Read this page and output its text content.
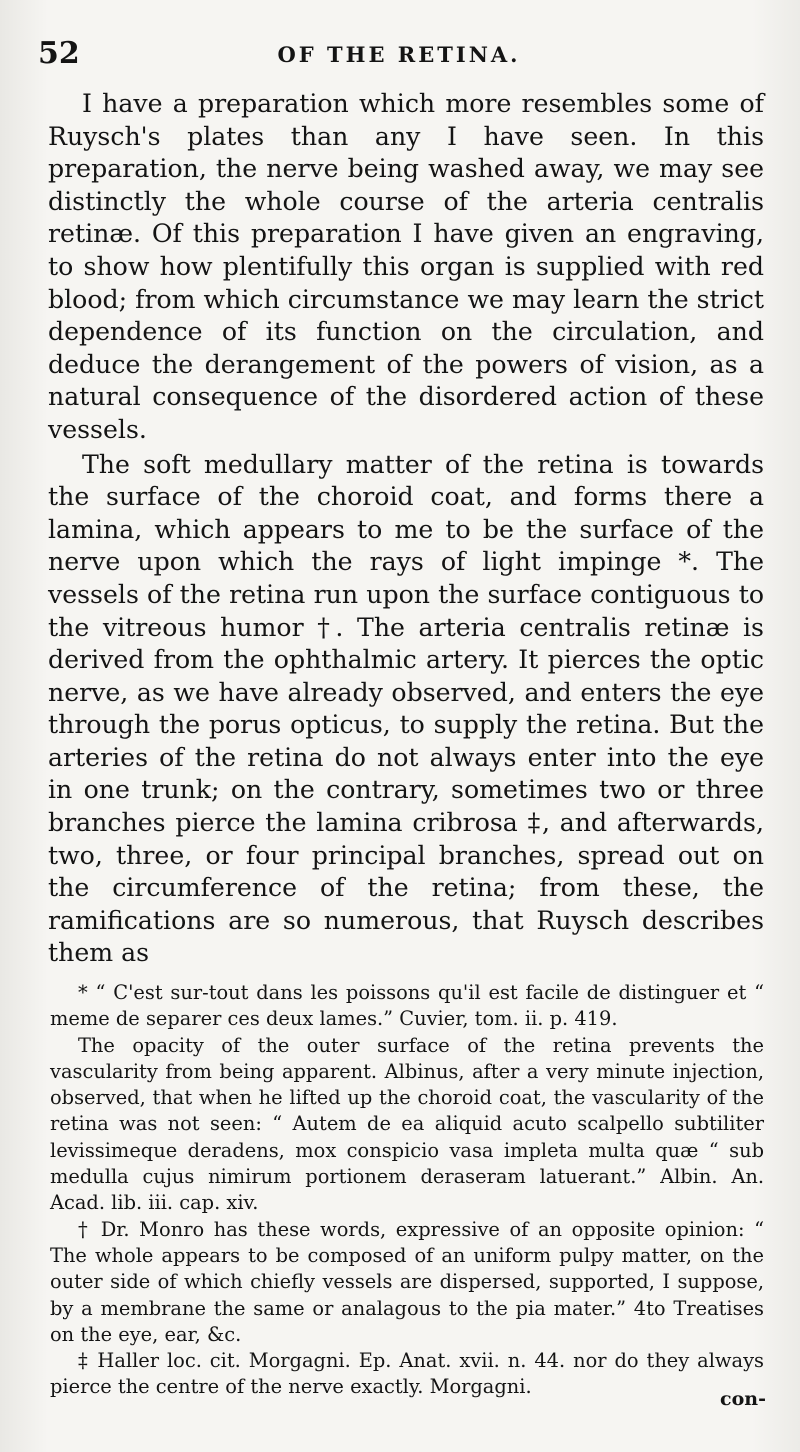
52	OF THE RETINA.

I have a preparation which more resembles some of Ruysch's plates than any I have seen. In this preparation, the nerve being washed away, we may see distinctly the whole course of the arteria centralis retinæ. Of this preparation I have given an engraving, to show how plentifully this organ is supplied with red blood; from which circumstance we may learn the strict dependence of its function on the circulation, and deduce the derangement of the powers of vision, as a natural consequence of the disordered action of these vessels.

The soft medullary matter of the retina is towards the surface of the choroid coat, and forms there a lamina, which appears to me to be the surface of the nerve upon which the rays of light impinge *. The vessels of the retina run upon the surface contiguous to the vitreous humor †. The arteria centralis retinæ is derived from the ophthalmic artery. It pierces the optic nerve, as we have already observed, and enters the eye through the porus opticus, to supply the retina. But the arteries of the retina do not always enter into the eye in one trunk; on the contrary, sometimes two or three branches pierce the lamina cribrosa ‡, and afterwards, two, three, or four principal branches, spread out on the circumference of the retina; from these, the ramifications are so numerous, that Ruysch describes them as

* “ C'est sur-tout dans les poissons qu'il est facile de distinguer et “ meme de separer ces deux lames.” Cuvier, tom. ii. p. 419.

The opacity of the outer surface of the retina prevents the vascularity from being apparent. Albinus, after a very minute injection, observed, that when he lifted up the choroid coat, the vascularity of the retina was not seen: “ Autem de ea aliquid acuto scalpello subtiliter levissimeque deradens, mox conspicio vasa impleta multa quæ “ sub medulla cujus nimirum portionem deraseram latuerant.” Albin. An. Acad. lib. iii. cap. xiv.

† Dr. Monro has these words, expressive of an opposite opinion: “ The whole appears to be composed of an uniform pulpy matter, on the outer side of which chiefly vessels are dispersed, supported, I suppose, by a membrane the same or analagous to the pia mater.” 4to Treatises on the eye, ear, &c.

‡ Haller loc. cit. Morgagni. Ep. Anat. xvii. n. 44. nor do they always pierce the centre of the nerve exactly. Morgagni.

con-
